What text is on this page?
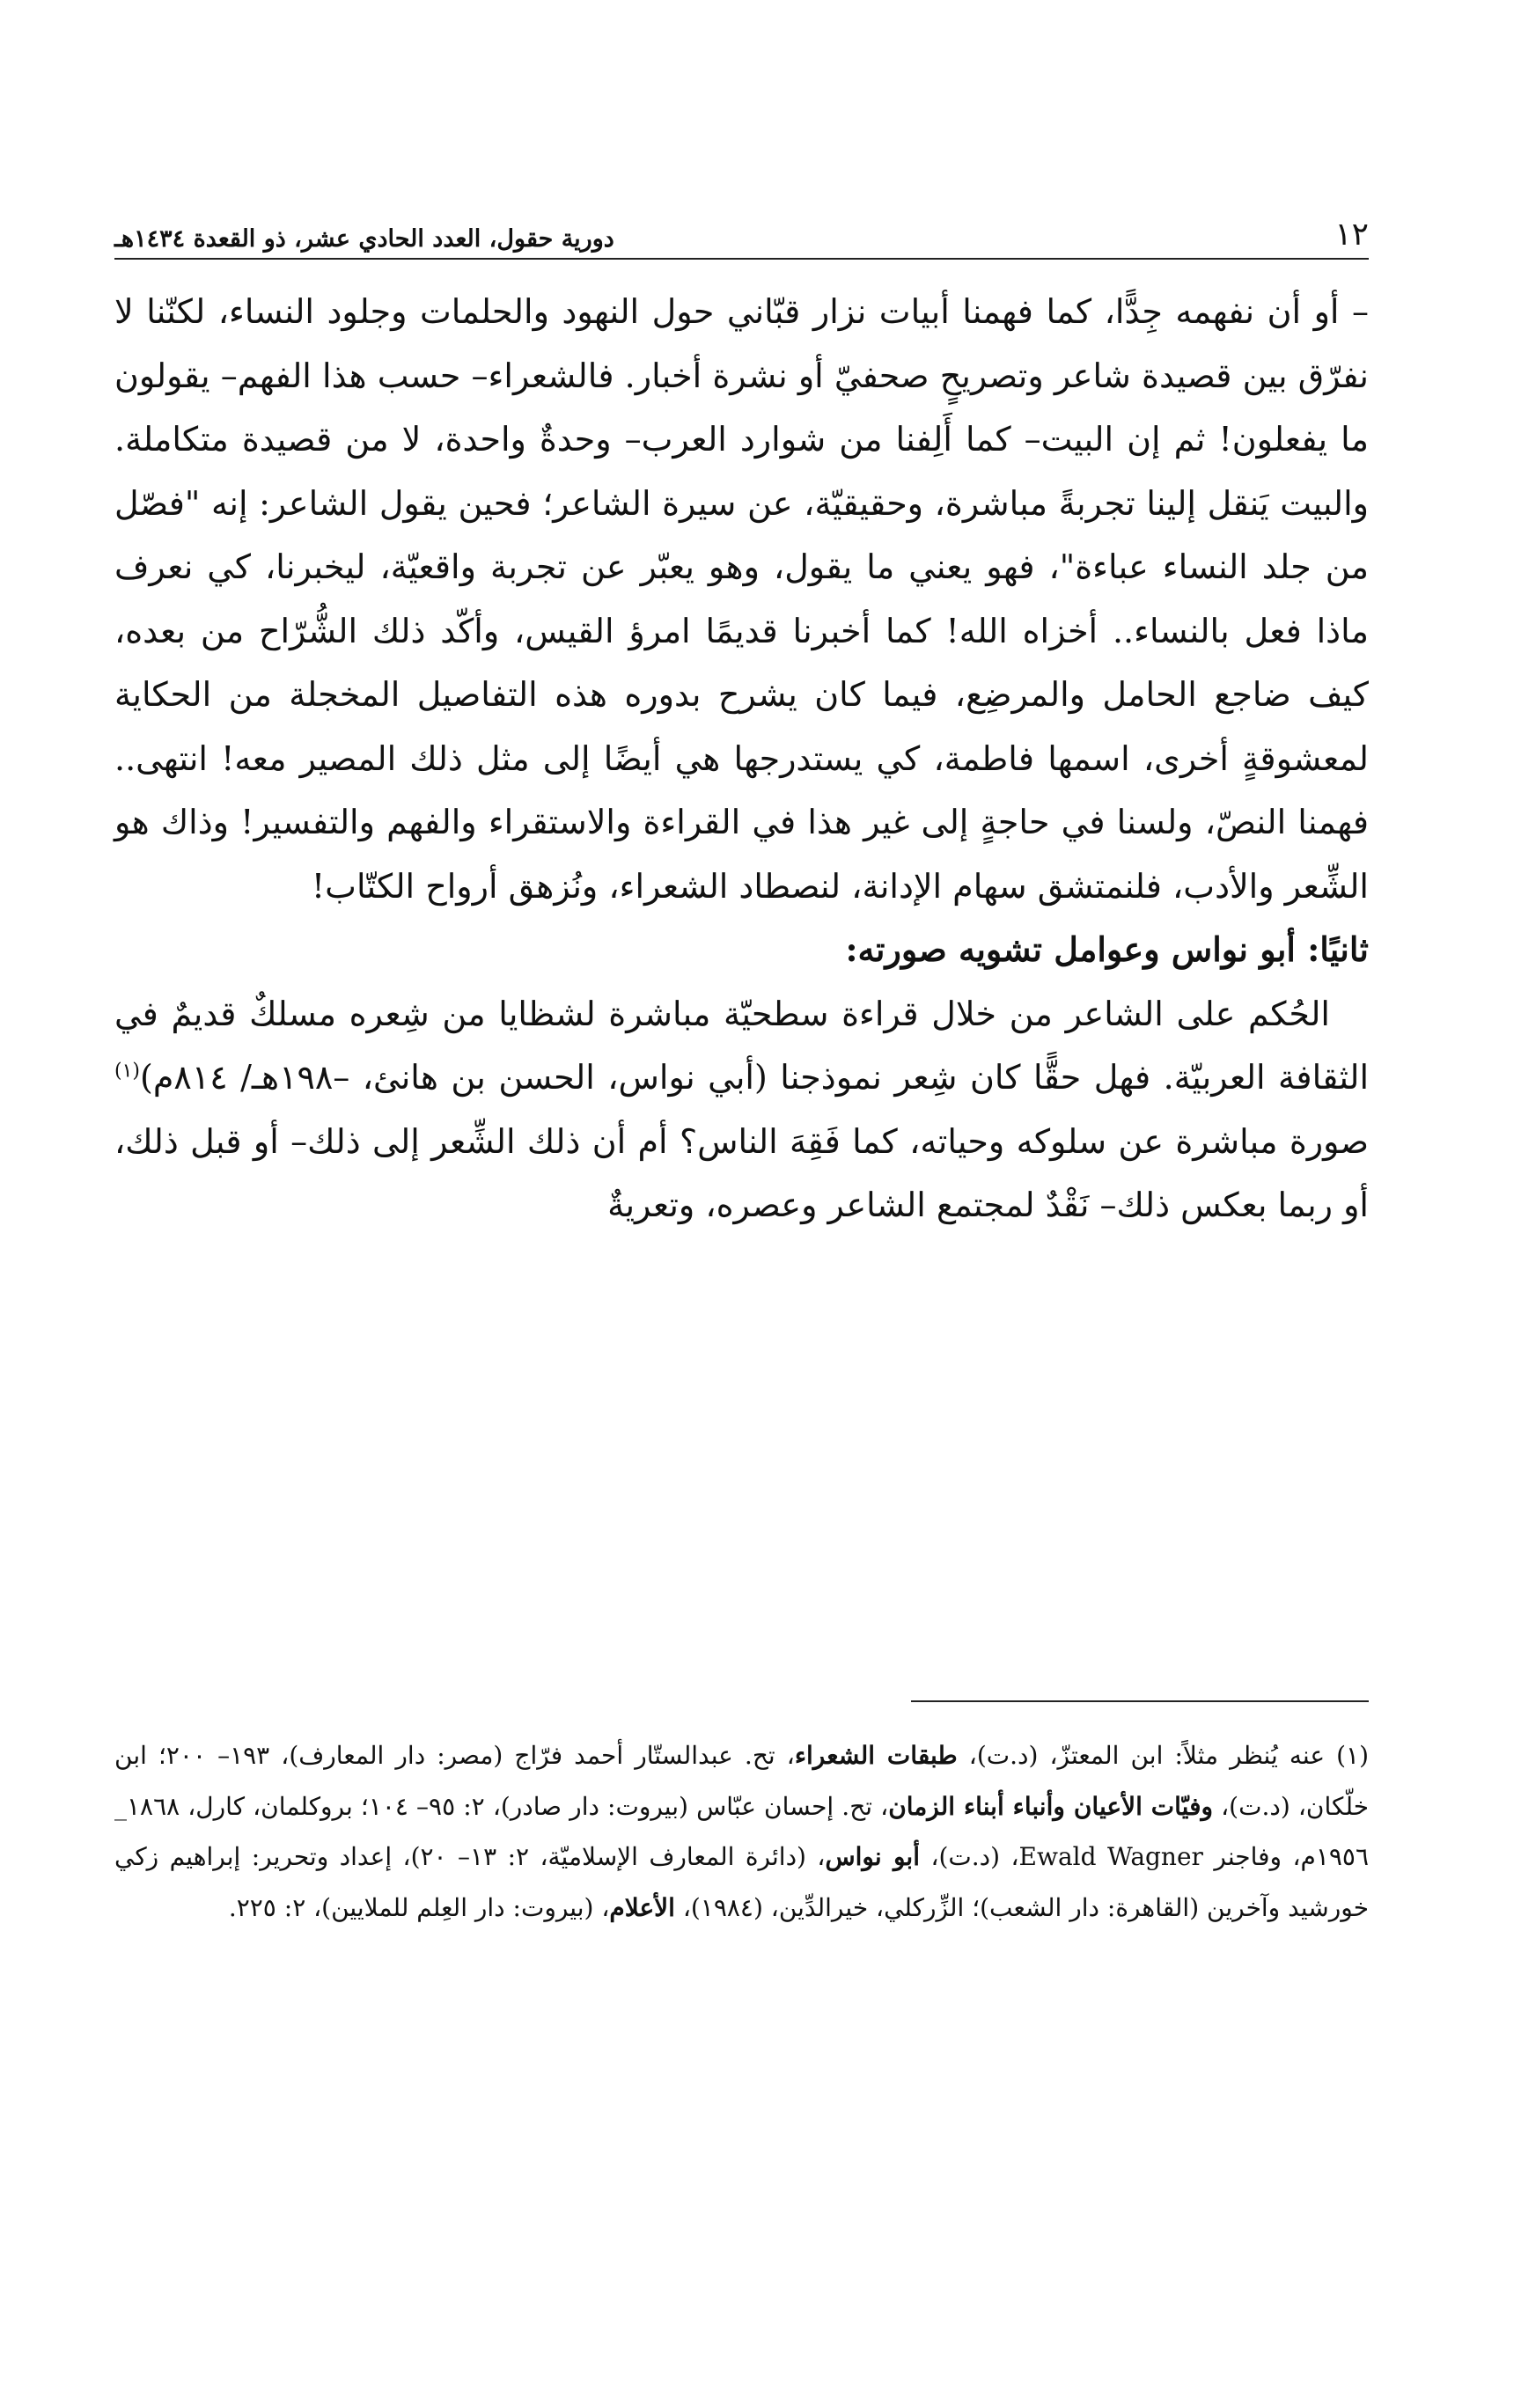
١٢
دورية حقول، العدد الحادي عشر، ذو القعدة ١٤٣٤هـ

– أو أن نفهمه جِدًّا، كما فهمنا أبيات نزار قبّاني حول النهود والحلمات وجلود النساء، لكنّنا لا نفرّق بين قصيدة شاعر وتصريحٍ صحفيّ أو نشرة أخبار. فالشعراء– حسب هذا الفهم– يقولون ما يفعلون! ثم إن البيت– كما أَلِفنا من شوارد العرب– وحدةٌ واحدة، لا من قصيدة متكاملة. والبيت يَنقل إلينا تجربةً مباشرة، وحقيقيّة، عن سيرة الشاعر؛ فحين يقول الشاعر: إنه "فصّل من جلد النساء عباءة"، فهو يعني ما يقول، وهو يعبّر عن تجربة واقعيّة، ليخبرنا، كي نعرف ماذا فعل بالنساء.. أخزاه الله! كما أخبرنا قديمًا امرؤ القيس، وأكّد ذلك الشُّرّاح من بعده، كيف ضاجع الحامل والمرضِع، فيما كان يشرح بدوره هذه التفاصيل المخجلة من الحكاية لمعشوقةٍ أخرى، اسمها فاطمة، كي يستدرجها هي أيضًا إلى مثل ذلك المصير معه! انتهى.. فهمنا النصّ، ولسنا في حاجةٍ إلى غير هذا في القراءة والاستقراء والفهم والتفسير! وذاك هو الشِّعر والأدب، فلنمتشق سهام الإدانة، لنصطاد الشعراء، ونُزهق أرواح الكتّاب!

ثانيًا: أبو نواس وعوامل تشويه صورته:

الحُكم على الشاعر من خلال قراءة سطحيّة مباشرة لشظايا من شِعره مسلكٌ قديمٌ في الثقافة العربيّة. فهل حقًّا كان شِعر نموذجنا (أبي نواس، الحسن بن هانئ، –١٩٨هـ/ ٨١٤م)$^{(١)}$ صورة مباشرة عن سلوكه وحياته، كما فَقِهَ الناس؟ أم أن ذلك الشِّعر إلى ذلك– أو قبل ذلك، أو ربما بعكس ذلك– نَقْدٌ لمجتمع الشاعر وعصره، وتعريةٌ

(١) عنه يُنظر مثلاً: ابن المعتزّ، (د.ت)، طبقات الشعراء، تح. عبدالستّار أحمد فرّاج (مصر: دار المعارف)، ١٩٣– ٢٠٠؛ ابن خلّكان، (د.ت)، وفيّات الأعيان وأنباء أبناء الزمان، تح. إحسان عبّاس (بيروت: دار صادر)، ٢: ٩٥– ١٠٤؛ بروكلمان، كارل، ١٨٦٨_ ١٩٥٦م، وفاجنر Ewald Wagner، (د.ت)، أبو نواس، (دائرة المعارف الإسلاميّة، ٢: ١٣– ٢٠)، إعداد وتحرير: إبراهيم زكي خورشيد وآخرين (القاهرة: دار الشعب)؛ الزِّركلي، خيرالدِّين، (١٩٨٤)، الأعلام، (بيروت: دار العِلم للملايين)، ٢: ٢٢٥.
